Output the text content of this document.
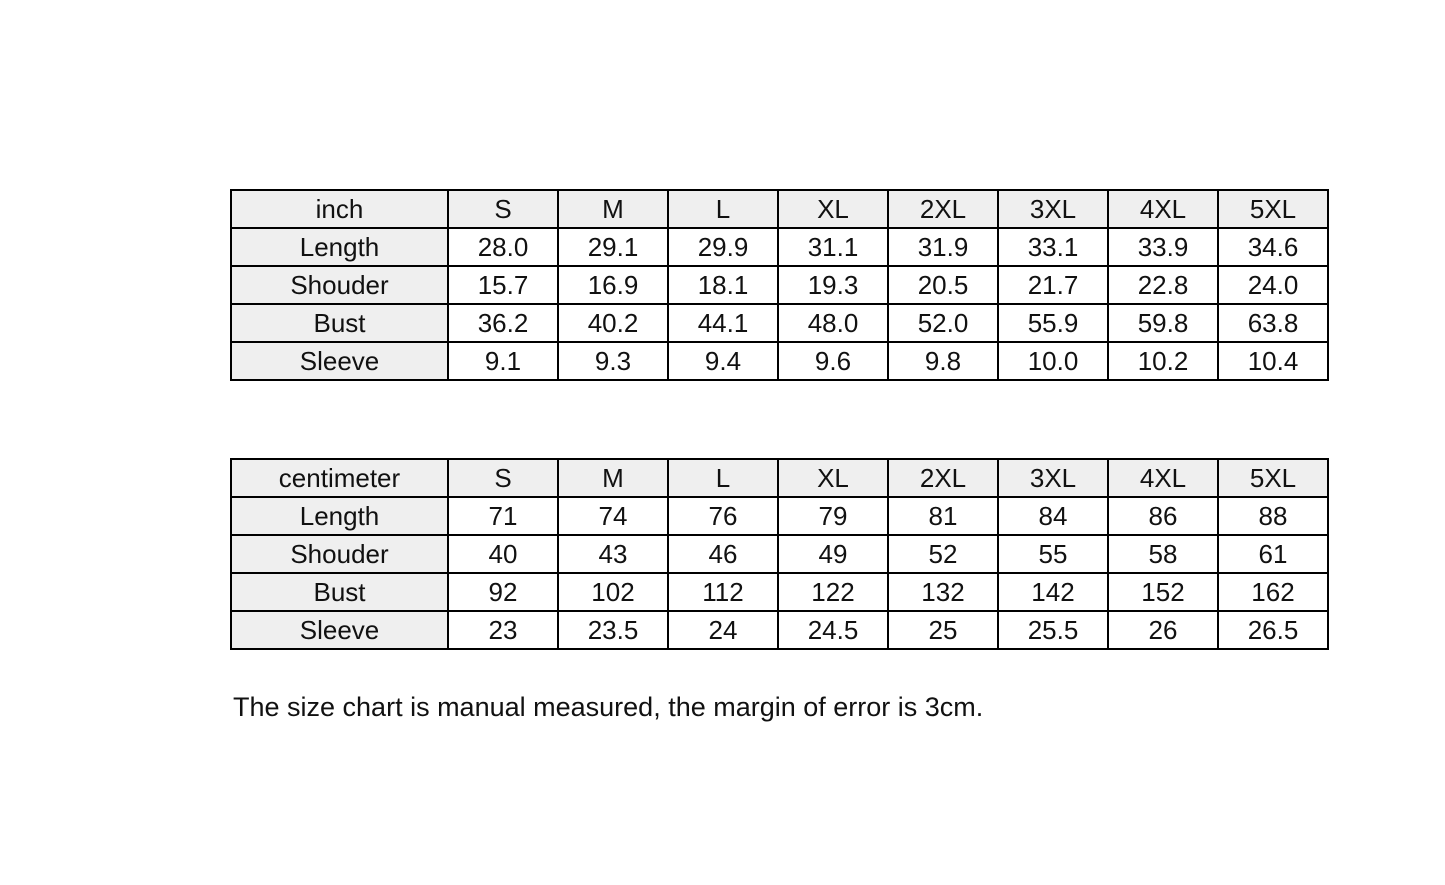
inch	S	M	L	XL	2XL	3XL	4XL	5XL
Length	28.0	29.1	29.9	31.1	31.9	33.1	33.9	34.6
Shouder	15.7	16.9	18.1	19.3	20.5	21.7	22.8	24.0
Bust	36.2	40.2	44.1	48.0	52.0	55.9	59.8	63.8
Sleeve	9.1	9.3	9.4	9.6	9.8	10.0	10.2	10.4
centimeter	S	M	L	XL	2XL	3XL	4XL	5XL
Length	71	74	76	79	81	84	86	88
Shouder	40	43	46	49	52	55	58	61
Bust	92	102	112	122	132	142	152	162
Sleeve	23	23.5	24	24.5	25	25.5	26	26.5
The size chart is manual measured, the margin of error is 3cm.
